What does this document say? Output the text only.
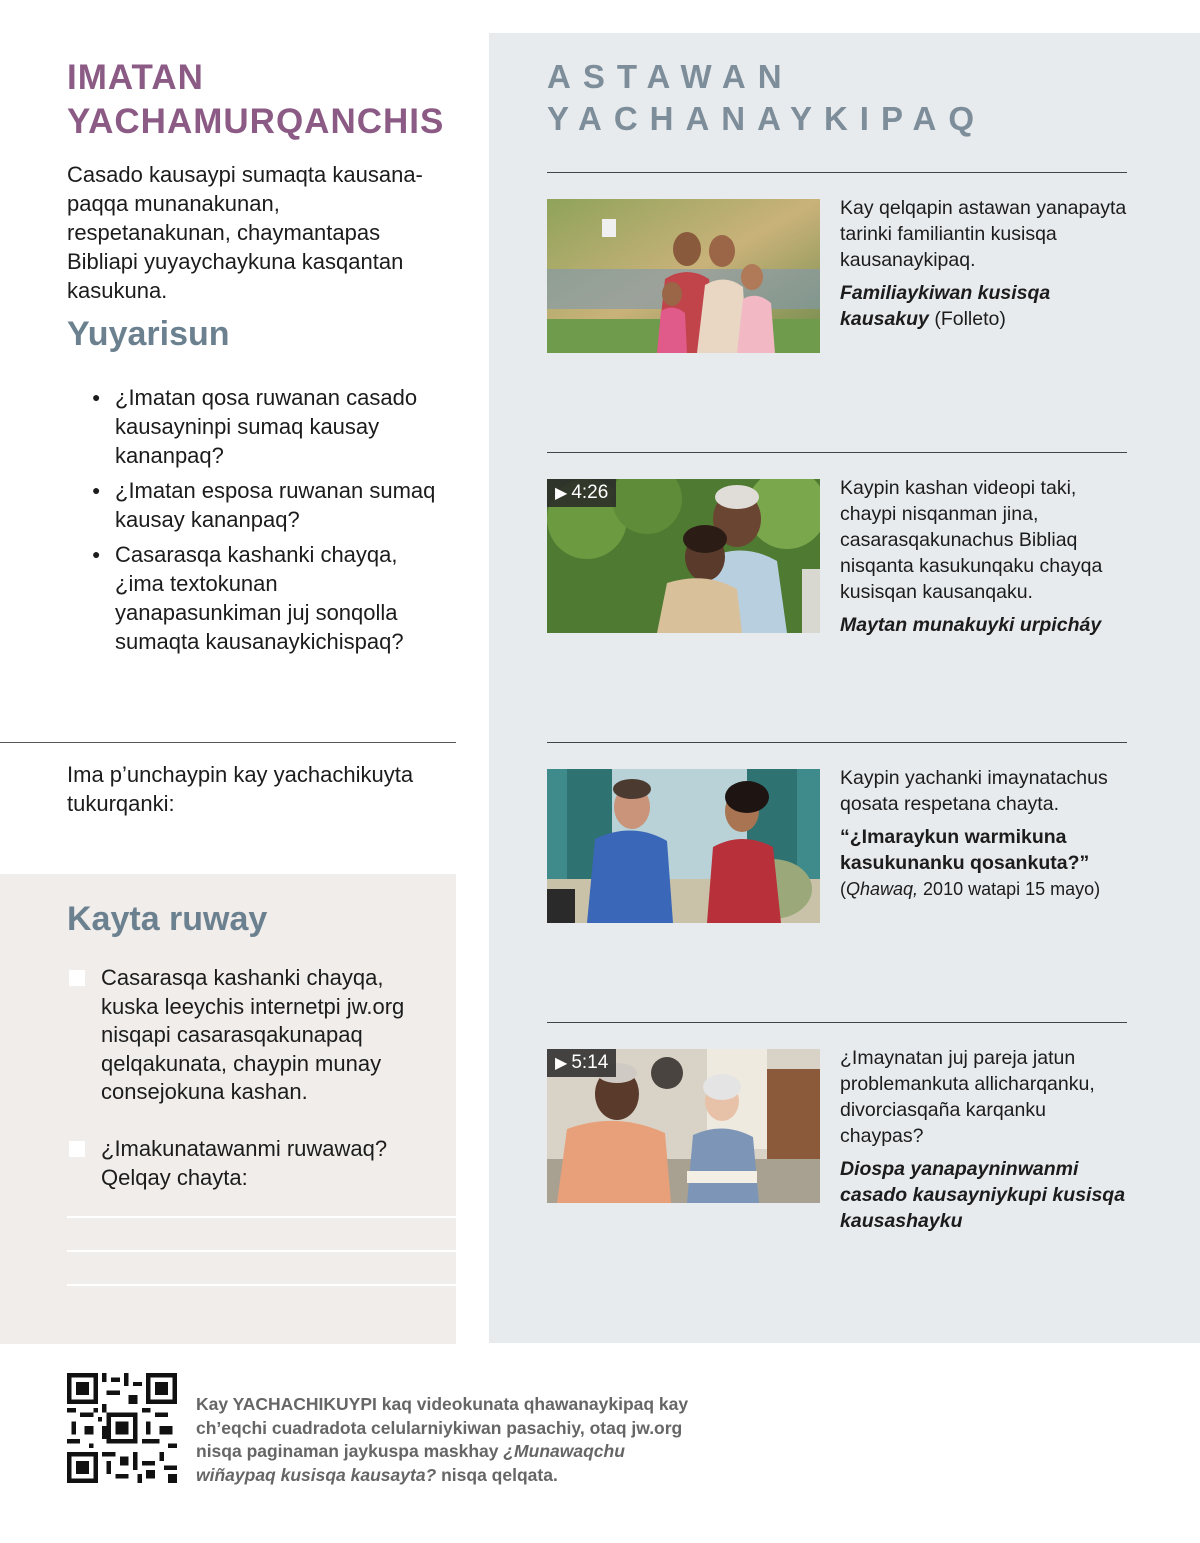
IMATAN
YACHAMURQANCHIS

Casado kausaypi sumaqta kausana-paqqa munanakunan, respetanakunan, chaymantapas Bibliapi yuyaychaykuna kasqantan kasukuna.

Yuyarisun
● ¿Imatan qosa ruwanan casado kausayninpi sumaq kausay kananpaq?
● ¿Imatan esposa ruwanan sumaq kausay kananpaq?
● Casarasqa kashanki chayqa, ¿ima textokunan yanapasunkiman juj sonqolla sumaqta kausanaykichispaq?

Ima p’unchaypin kay yachachikuyta tukurqanki:

Kayta ruway
Casarasqa kashanki chayqa, kuska leeychis internetpi jw.org nisqapi casarasqakunapaq qelqakunata, chaypin munay consejokuna kashan.
¿Imakunatawanmi ruwawaq? Qelqay chayta:
ASTAWAN
YACHANAYKIPAQ
Kay qelqapin astawan yanapayta tarinki familiantin kusisqa kausanaykipaq.
Familiaykiwan kusisqa kausakuy (Folleto)
▶ 4:26	Kaypin kashan videopi taki, chaypi nisqanman jina, casarasqakunachus Bibliaq nisqanta kasukunqaku chayqa kusisqan kausanqaku.
Maytan munakuyki urpicháy
Kaypin yachanki imaynatachus qosata respetana chayta.
“¿Imaraykun warmikuna kasukunanku qosankuta?”
(Qhawaq, 2010 watapi 15 mayo)
▶ 5:14	¿Imaynatan juj pareja jatun problemankuta allicharqanku, divorciasqaña karqanku chaypas?
Diospa yanapayninwanmi casado kausayniykupi kusisqa kausashayku

Kay YACHACHIKUYPI kaq videokunata qhawanaykipaq kay ch’eqchi cuadradota celularniykiwan pasachiy, otaq jw.org nisqa paginaman jaykuspa maskhay ¿Munawaqchu wiñaypaq kusisqa kausayta? nisqa qelqata.
